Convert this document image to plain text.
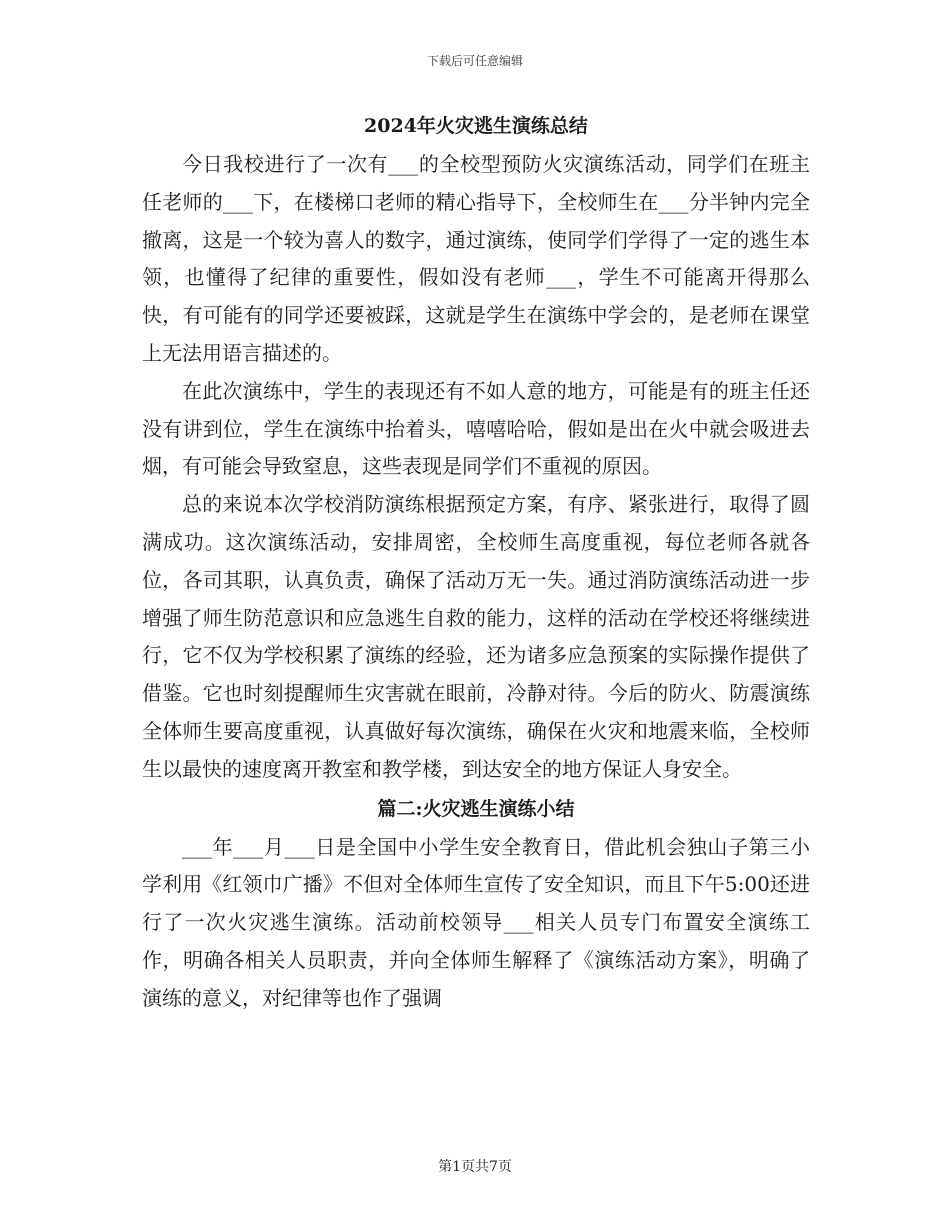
下载后可任意编辑
2024年火灾逃生演练总结

今日我校进行了一次有___的全校型预防火灾演练活动，同学们在班主任老师的___下，在楼梯口老师的精心指导下，全校师生在___分半钟内完全撤离，这是一个较为喜人的数字，通过演练，使同学们学得了一定的逃生本领，也懂得了纪律的重要性，假如没有老师___，学生不可能离开得那么快，有可能有的同学还要被踩，这就是学生在演练中学会的，是老师在课堂上无法用语言描述的。

在此次演练中，学生的表现还有不如人意的地方，可能是有的班主任还没有讲到位，学生在演练中抬着头，嘻嘻哈哈，假如是出在火中就会吸进去烟，有可能会导致窒息，这些表现是同学们不重视的原因。

总的来说本次学校消防演练根据预定方案，有序、紧张进行，取得了圆满成功。这次演练活动，安排周密，全校师生高度重视，每位老师各就各位，各司其职，认真负责，确保了活动万无一失。通过消防演练活动进一步增强了师生防范意识和应急逃生自救的能力，这样的活动在学校还将继续进行，它不仅为学校积累了演练的经验，还为诸多应急预案的实际操作提供了借鉴。它也时刻提醒师生灾害就在眼前，冷静对待。今后的防火、防震演练全体师生要高度重视，认真做好每次演练，确保在火灾和地震来临，全校师生以最快的速度离开教室和教学楼，到达安全的地方保证人身安全。

篇二:火灾逃生演练小结

___年___月___日是全国中小学生安全教育日，借此机会独山子第三小学利用《红领巾广播》不但对全体师生宣传了安全知识，而且下午5:00还进行了一次火灾逃生演练。活动前校领导___相关人员专门布置安全演练工作，明确各相关人员职责，并向全体师生解释了《演练活动方案》，明确了演练的意义，对纪律等也作了强调

第1页共7页
